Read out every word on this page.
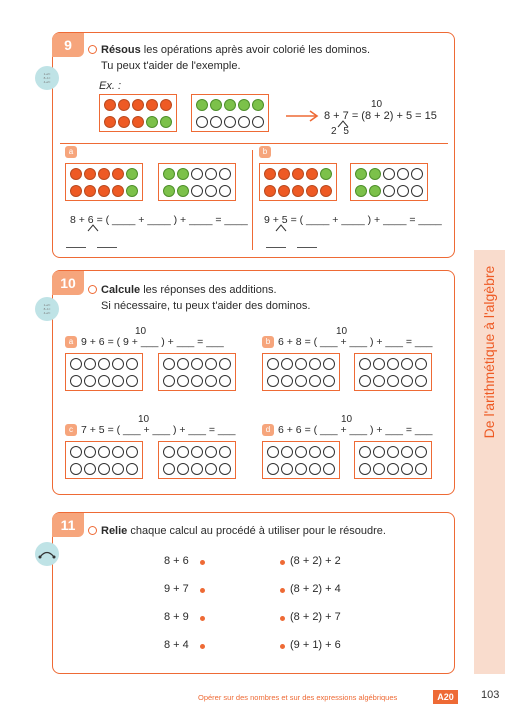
De l'arithmétique à l'algèbre
9
1+2=
8−1=
4+2=
Résous les opérations après avoir colorié les dominos.
Tu peux t'aider de l'exemple.
Ex. :
10
8 + 7 = (8 + 2) + 5 = 15
2 5
a
8 + 6 = ( ____ + ____ ) + ____ = ____
b
9 + 5 = ( ____ + ____ ) + ____ = ____
10
1+2=
8−1=
4+2=
Calcule les réponses des additions.
Si nécessaire, tu peux t'aider des dominos.
10
a 9 + 6 = ( 9 + ___ ) + ___ = ___
10
b 6 + 8 = ( ___ + ___ ) + ___ = ___
10
c 7 + 5 = ( ___ + ___ ) + ___ = ___
10
d 6 + 6 = ( ___ + ___ ) + ___ = ___
11	Relie chaque calcul au procédé à utiliser pour le résoudre.
8 + 6	(8 + 2) + 2
9 + 7	(8 + 2) + 4
8 + 9	(8 + 2) + 7
8 + 4	(9 + 1) + 6
Opérer sur des nombres et sur des expressions algébriques	A20	103
